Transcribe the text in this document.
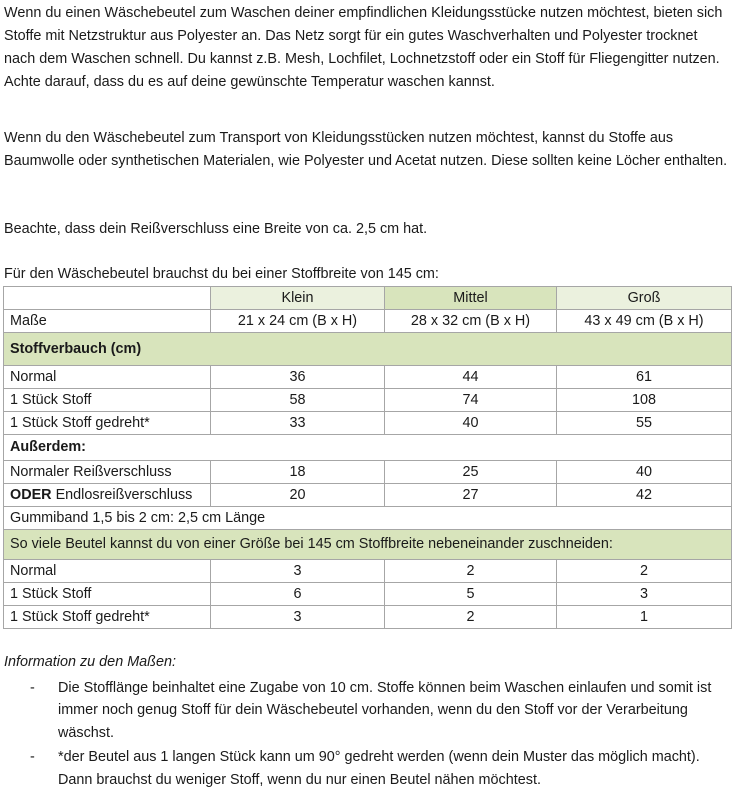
Wenn du einen Wäschebeutel zum Waschen deiner empfindlichen Kleidungsstücke nutzen möchtest, bieten sich Stoffe mit Netzstruktur aus Polyester an. Das Netz sorgt für ein gutes Waschverhalten und Polyester trocknet nach dem Waschen schnell. Du kannst z.B. Mesh, Lochfilet, Lochnetzstoff oder ein Stoff für Fliegengitter nutzen. Achte darauf, dass du es auf deine gewünschte Temperatur waschen kannst.

Wenn du den Wäschebeutel zum Transport von Kleidungsstücken nutzen möchtest, kannst du Stoffe aus Baumwolle oder synthetischen Materialen, wie Polyester und Acetat nutzen. Diese sollten keine Löcher enthalten.

Beachte, dass dein Reißverschluss eine Breite von ca. 2,5 cm hat.

Für den Wäschebeutel brauchst du bei einer Stoffbreite von 145 cm:

	Klein	Mittel	Groß
Maße	21 x 24 cm (B x H)	28 x 32 cm (B x H)	43 x 49 cm (B x H)
Stoffverbauch (cm)			
Normal	36	44	61
1 Stück Stoff	58	74	108
1 Stück Stoff gedreht*	33	40	55
Außerdem:			
Normaler Reißverschluss	18	25	40
ODER Endlosreißverschluss	20	27	42
Gummiband 1,5 bis 2 cm: 2,5 cm Länge			
So viele Beutel kannst du von einer Größe bei 145 cm Stoffbreite nebeneinander zuschneiden:			
Normal	3	2	2
1 Stück Stoff	6	5	3
1 Stück Stoff gedreht*	3	2	1

Information zu den Maßen:

- Die Stofflänge beinhaltet eine Zugabe von 10 cm. Stoffe können beim Waschen einlaufen und somit ist immer noch genug Stoff für dein Wäschebeutel vorhanden, wenn du den Stoff vor der Verarbeitung wäschst.
- *der Beutel aus 1 langen Stück kann um 90° gedreht werden (wenn dein Muster das möglich macht). Dann brauchst du weniger Stoff, wenn du nur einen Beutel nähen möchtest.
